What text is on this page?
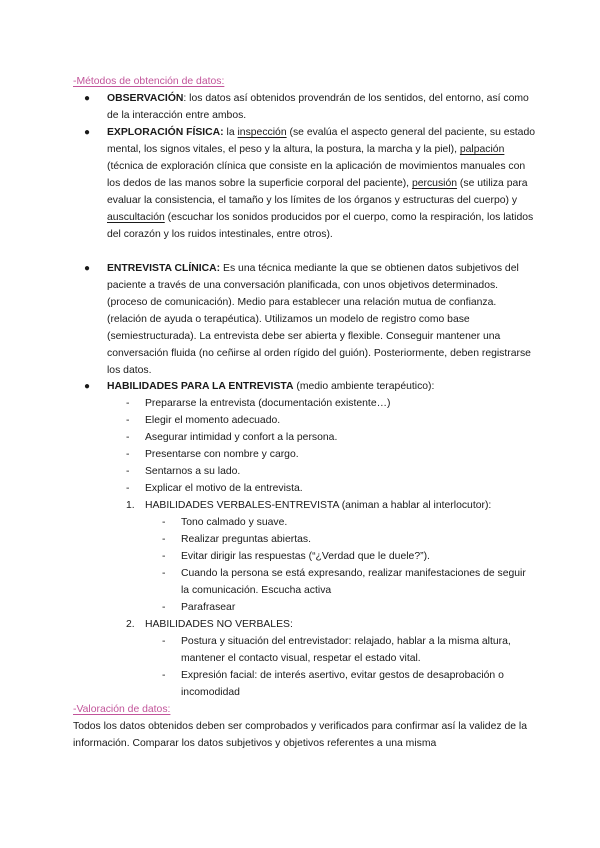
-Métodos de obtención de datos:
● OBSERVACIÓN: los datos así obtenidos provendrán de los sentidos, del entorno, así como de la interacción entre ambos.
● EXPLORACIÓN FÍSICA: la inspección (se evalúa el aspecto general del paciente, su estado mental, los signos vitales, el peso y la altura, la postura, la marcha y la piel), palpación (técnica de exploración clínica que consiste en la aplicación de movimientos manuales con los dedos de las manos sobre la superficie corporal del paciente), percusión (se utiliza para evaluar la consistencia, el tamaño y los límites de los órganos y estructuras del cuerpo) y auscultación (escuchar los sonidos producidos por el cuerpo, como la respiración, los latidos del corazón y los ruidos intestinales, entre otros).
● ENTREVISTA CLÍNICA: Es una técnica mediante la que se obtienen datos subjetivos del paciente a través de una conversación planificada, con unos objetivos determinados. (proceso de comunicación). Medio para establecer una relación mutua de confianza. (relación de ayuda o terapéutica). Utilizamos un modelo de registro como base (semiestructurada). La entrevista debe ser abierta y flexible. Conseguir mantener una conversación fluida (no ceñirse al orden rígido del guión). Posteriormente, deben registrarse los datos.
● HABILIDADES PARA LA ENTREVISTA (medio ambiente terapéutico):
- Prepararse la entrevista (documentación existente…)
- Elegir el momento adecuado.
- Asegurar intimidad y confort a la persona.
- Presentarse con nombre y cargo.
- Sentarnos a su lado.
- Explicar el motivo de la entrevista.
1. HABILIDADES VERBALES-ENTREVISTA (animan a hablar al interlocutor):
- Tono calmado y suave.
- Realizar preguntas abiertas.
- Evitar dirigir las respuestas (“¿Verdad que le duele?”).
- Cuando la persona se está expresando, realizar manifestaciones de seguir la comunicación. Escucha activa
- Parafrasear
2. HABILIDADES NO VERBALES:
- Postura y situación del entrevistador: relajado, hablar a la misma altura, mantener el contacto visual, respetar el estado vital.
- Expresión facial: de interés asertivo, evitar gestos de desaprobación o incomodidad
-Valoración de datos:
Todos los datos obtenidos deben ser comprobados y verificados para confirmar así la validez de la información. Comparar los datos subjetivos y objetivos referentes a una misma
